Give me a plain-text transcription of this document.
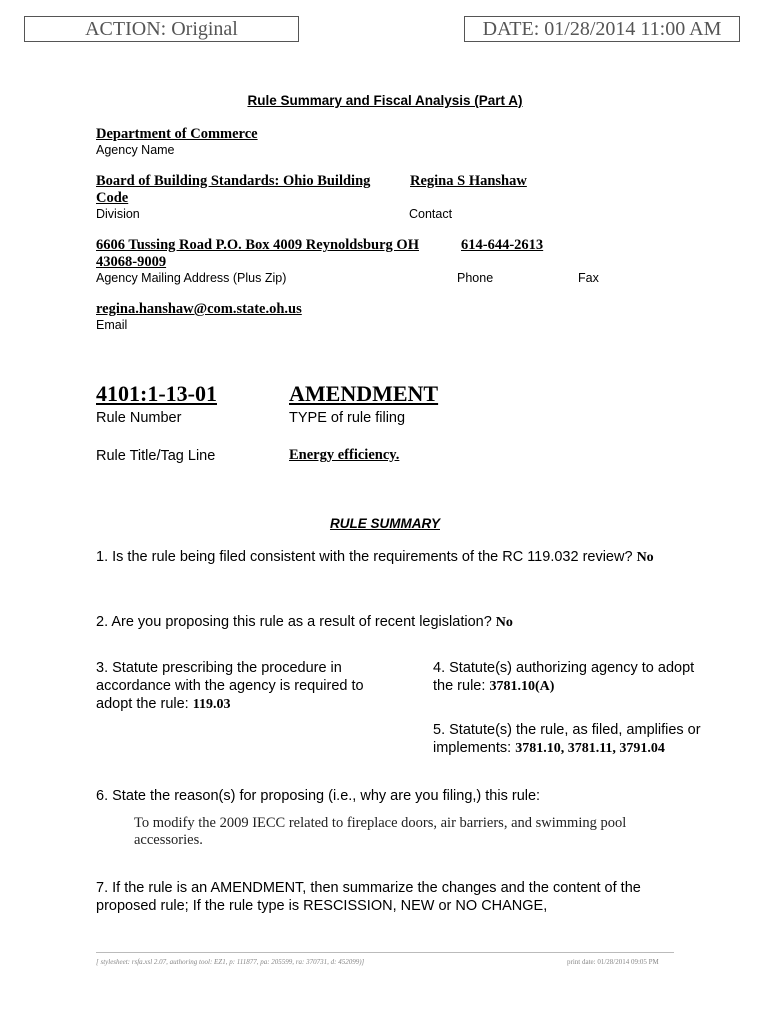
ACTION: Original	DATE: 01/28/2014 11:00 AM
Rule Summary and Fiscal Analysis (Part A)
Department of Commerce
Agency Name
Board of Building Standards: Ohio Building Code
Division
Regina S Hanshaw
Contact
6606 Tussing Road P.O. Box 4009 Reynoldsburg OH 43068-9009
614-644-2613
Agency Mailing Address (Plus Zip)	Phone	Fax
regina.hanshaw@com.state.oh.us
Email
4101:1-13-01
Rule Number
AMENDMENT
TYPE of rule filing
Rule Title/Tag Line	Energy efficiency.
RULE SUMMARY
1. Is the rule being filed consistent with the requirements of the RC 119.032 review? No
2. Are you proposing this rule as a result of recent legislation? No
3. Statute prescribing the procedure in accordance with the agency is required to adopt the rule: 119.03
4. Statute(s) authorizing agency to adopt the rule: 3781.10(A)
5. Statute(s) the rule, as filed, amplifies or implements: 3781.10, 3781.11, 3791.04
6. State the reason(s) for proposing (i.e., why are you filing,) this rule:
To modify the 2009 IECC related to fireplace doors, air barriers, and swimming pool accessories.
7. If the rule is an AMENDMENT, then summarize the changes and the content of the proposed rule; If the rule type is RESCISSION, NEW or NO CHANGE,
[ stylesheet: rsfa.xsl 2.07, authoring tool: EZ1, p: 111877, pa: 205599, ra: 370731, d: 452099)]	print date: 01/28/2014 09:05 PM
